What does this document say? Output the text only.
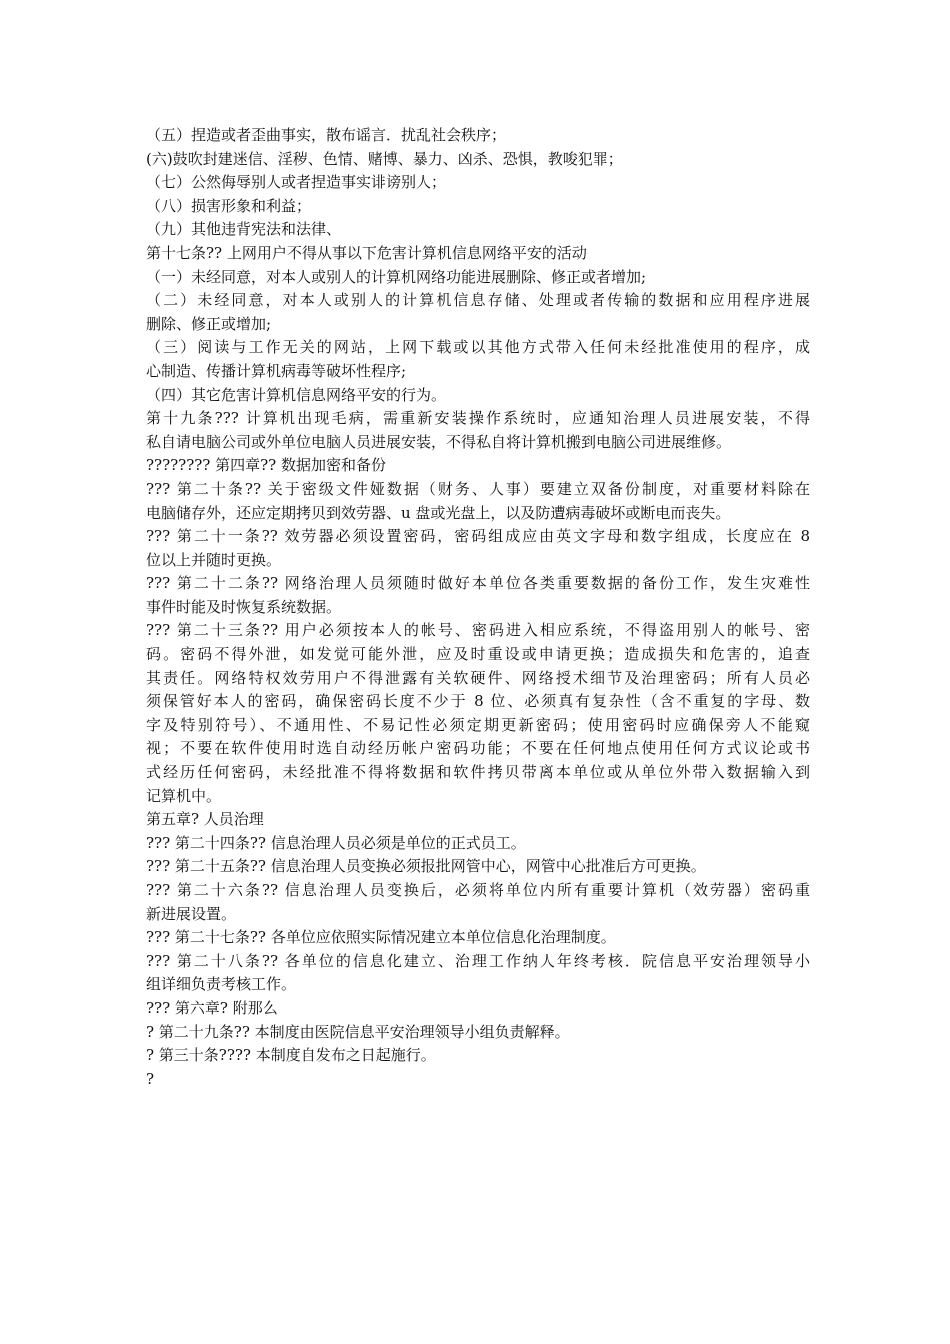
（五）捏造或者歪曲事实，散布谣言．扰乱社会秩序；

(六)鼓吹封建迷信、淫秽、色情、赌博、暴力、凶杀、恐惧，教唆犯罪；

（七）公然侮辱别人或者捏造事实诽谤别人；

（八）损害形象和利益；

（九）其他违背宪法和法律、

第十七条?? 上网用户不得从事以下危害计算机信息网络平安的活动

（一）未经同意，对本人或别人的计算机网络功能进展删除、修正或者增加;

（二）未经同意，对本人或别人的计算机信息存储、处理或者传输的数据和应用程序进展

删除、修正或增加;

（三）阅读与工作无关的网站，上网下载或以其他方式带入任何未经批准使用的程序，成

心制造、传播计算机病毒等破坏性程序;

（四）其它危害计算机信息网络平安的行为。

第十九条??? 计算机出现毛病，需重新安装操作系统时，应通知治理人员进展安装，不得

私自请电脑公司或外单位电脑人员进展安装，不得私自将计算机搬到电脑公司进展维修。

???????? 第四章?? 数据加密和备份

??? 第二十条?? 关于密级文件娅数据（财务、人事）要建立双备份制度，对重要材料除在

电脑储存外，还应定期拷贝到效劳器、u 盘或光盘上，以及防遭病毒破坏或断电而丧失。

??? 第二十一条?? 效劳器必须设置密码，密码组成应由英文字母和数字组成，长度应在 8

位以上并随时更换。

??? 第二十二条?? 网络治理人员须随时做好本单位各类重要数据的备份工作，发生灾难性

事件时能及时恢复系统数据。

??? 第二十三条?? 用户必须按本人的帐号、密码进入相应系统，不得盗用别人的帐号、密

码。密码不得外泄，如发觉可能外泄，应及时重设或申请更换；造成损失和危害的，追查

其责任。网络特权效劳用户不得泄露有关软硬件、网络授术细节及治理密码；所有人员必

须保管好本人的密码，确保密码长度不少于 8 位、必须真有复杂性（含不重复的字母、数

字及特别符号）、不通用性、不易记性必须定期更新密码；使用密码时应确保旁人不能窥

视；不要在软件使用时选自动经历帐户密码功能；不要在任何地点使用任何方式议论或书

式经历任何密码，未经批准不得将数据和软件拷贝带离本单位或从单位外带入数据输入到

记算机中。

第五章? 人员治理

??? 第二十四条?? 信息治理人员必须是单位的正式员工。

??? 第二十五条?? 信息治理人员变换必须报批网管中心，网管中心批准后方可更换。

??? 第二十六条?? 信息治理人员变换后，必须将单位内所有重要计算机（效劳器）密码重

新进展设置。

??? 第二十七条?? 各单位应依照实际情况建立本单位信息化治理制度。

??? 第二十八条?? 各单位的信息化建立、治理工作纳人年终考核．院信息平安治理领导小

组详细负责考核工作。

??? 第六章? 附那么

? 第二十九条?? 本制度由医院信息平安治理领导小组负责解释。

? 第三十条???? 本制度自发布之日起施行。

?
